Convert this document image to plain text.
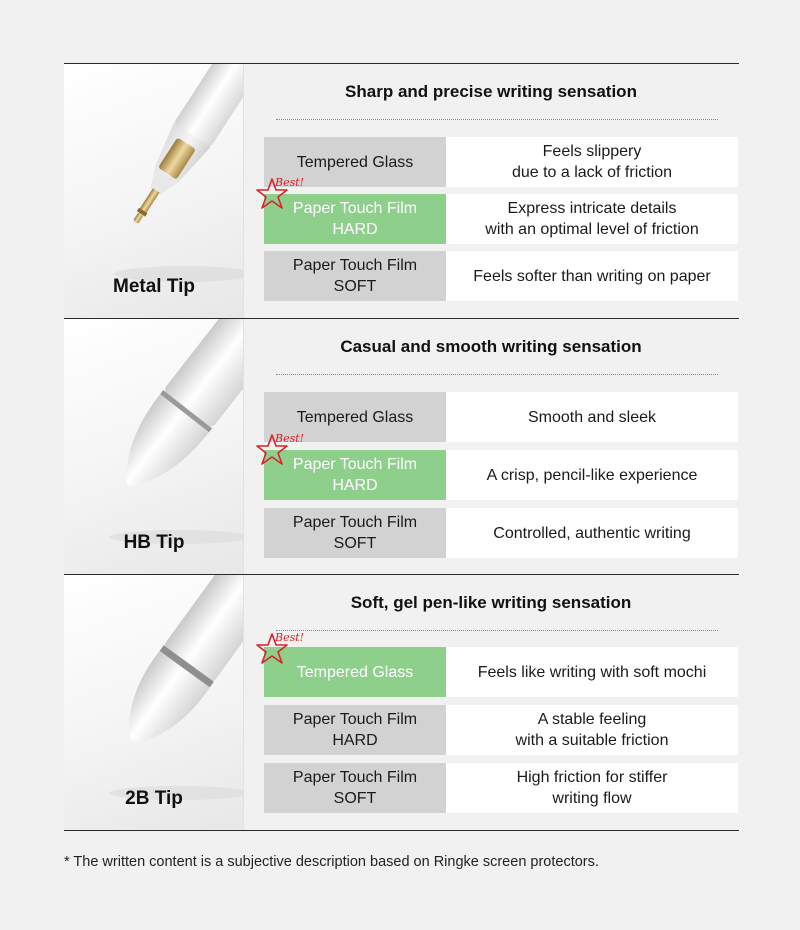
Metal Tip
Sharp and precise writing sensation
Tempered Glass
Feels slippery
due to a lack of friction
Paper Touch Film
HARD
Express intricate details
with an optimal level of friction
Best!
Paper Touch Film
SOFT
Feels softer than writing on paper
HB Tip
Casual and smooth writing sensation
Tempered Glass	Smooth and sleek
Paper Touch Film
HARD
A crisp, pencil-like experience
Best!
Paper Touch Film
SOFT
Controlled, authentic writing
2B Tip
Soft, gel pen-like writing sensation
Tempered Glass	Feels like writing with soft mochi
Best!
Paper Touch Film
HARD
A stable feeling
with a suitable friction
Paper Touch Film
SOFT
High friction for stiffer
writing flow
* The written content is a subjective description based on Ringke screen protectors.
